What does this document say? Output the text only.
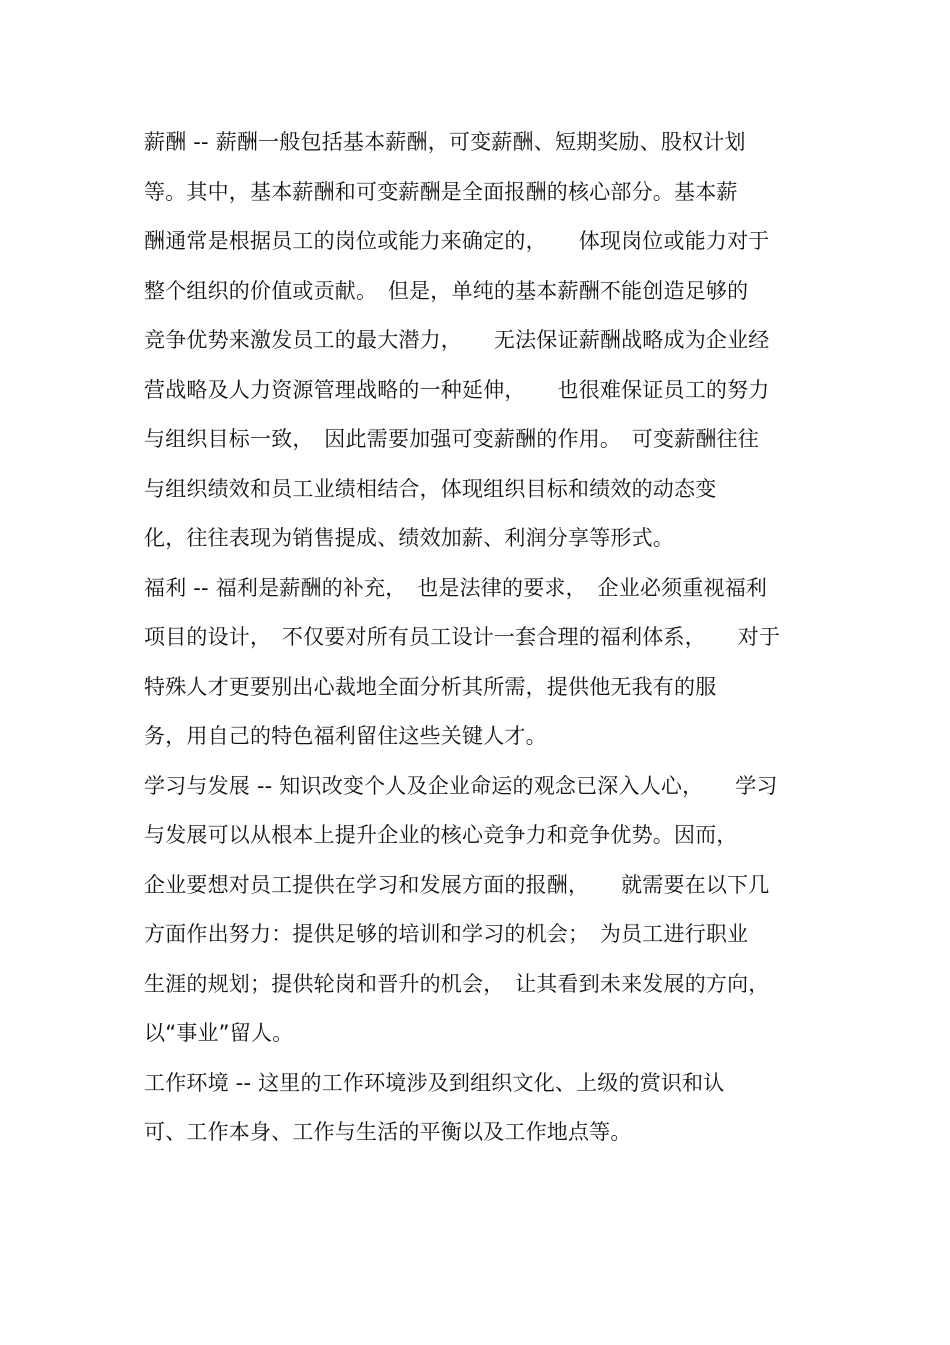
薪酬 -- 薪酬一般包括基本薪酬，可变薪酬、短期奖励、股权计划
等。其中，基本薪酬和可变薪酬是全面报酬的核心部分。基本薪
酬通常是根据员工的岗位或能力来确定的，　　体现岗位或能力对于
整个组织的价值或贡献。　但是，单纯的基本薪酬不能创造足够的
竞争优势来激发员工的最大潜力，　　无法保证薪酬战略成为企业经
营战略及人力资源管理战略的一种延伸，　　也很难保证员工的努力
与组织目标一致，　因此需要加强可变薪酬的作用。　可变薪酬往往
与组织绩效和员工业绩相结合，体现组织目标和绩效的动态变
化，往往表现为销售提成、绩效加薪、利润分享等形式。
福利 -- 福利是薪酬的补充，　也是法律的要求，　企业必须重视福利
项目的设计，　不仅要对所有员工设计一套合理的福利体系，　　对于
特殊人才更要别出心裁地全面分析其所需，提供他无我有的服
务，用自己的特色福利留住这些关键人才。
学习与发展 -- 知识改变个人及企业命运的观念已深入人心，　　学习
与发展可以从根本上提升企业的核心竞争力和竞争优势。因而，
企业要想对员工提供在学习和发展方面的报酬，　　就需要在以下几
方面作出努力：提供足够的培训和学习的机会；　为员工进行职业
生涯的规划；提供轮岗和晋升的机会，　让其看到未来发展的方向，
以“事业”留人。
工作环境 -- 这里的工作环境涉及到组织文化、上级的赏识和认
可、工作本身、工作与生活的平衡以及工作地点等。
